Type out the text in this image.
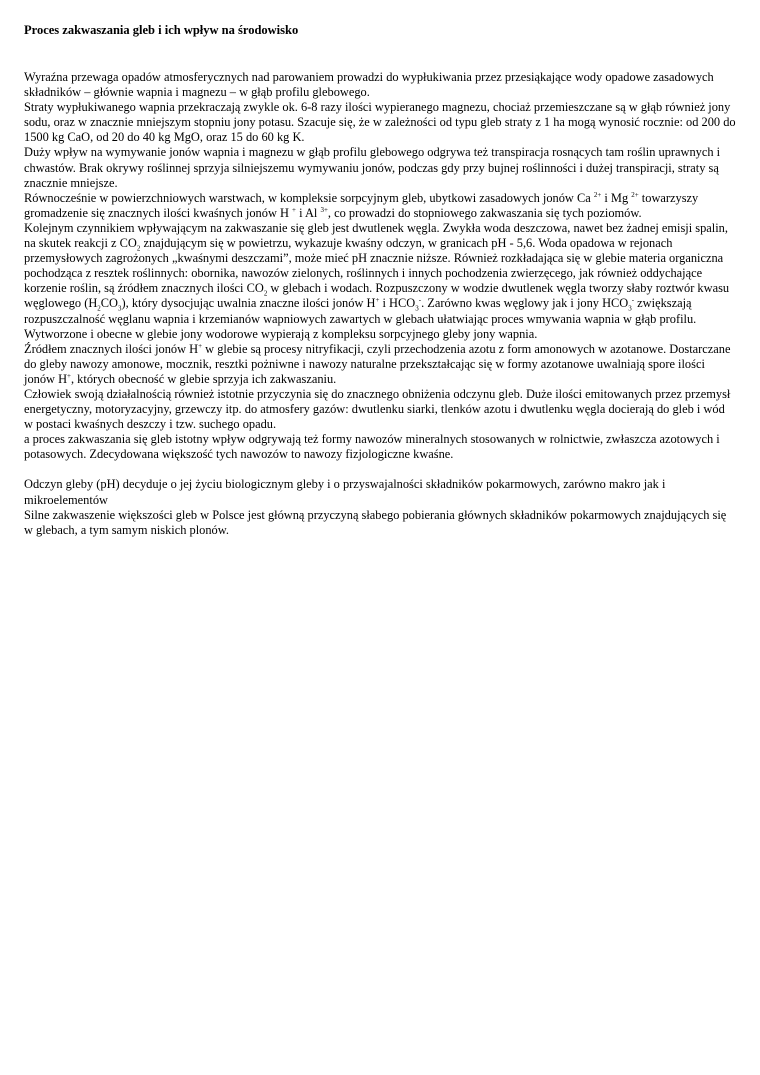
Proces zakwaszania gleb i ich wpływ na środowisko

Wyraźna przewaga opadów atmosferycznych nad parowaniem prowadzi do wypłukiwania przez przesiąkające wody opadowe zasadowych składników – głównie wapnia i magnezu – w głąb profilu glebowego.

Straty wypłukiwanego wapnia przekraczają zwykle ok. 6-8 razy ilości wypieranego magnezu, chociaż przemieszczane są w głąb również jony sodu, oraz w znacznie mniejszym stopniu jony potasu. Szacuje się, że w zależności od typu gleb straty z 1 ha mogą wynosić rocznie: od 200 do 1500 kg CaO, od 20 do 40 kg MgO, oraz 15 do 60 kg K.

Duży wpływ na wymywanie jonów wapnia i magnezu w głąb profilu glebowego odgrywa też transpiracja rosnących tam roślin uprawnych i chwastów. Brak okrywy roślinnej sprzyja silniejszemu wymywaniu jonów, podczas gdy przy bujnej roślinności i dużej transpiracji, straty są znacznie mniejsze.

Równocześnie w powierzchniowych warstwach, w kompleksie sorpcyjnym gleb, ubytkowi zasadowych jonów Ca $^{2+}$ i Mg $^{2+}$ towarzyszy gromadzenie się znacznych ilości kwaśnych jonów H + i Al $^{3+}$, co prowadzi do stopniowego zakwaszania się tych poziomów.

Kolejnym czynnikiem wpływającym na zakwaszanie się gleb jest dwutlenek węgla. Zwykła woda deszczowa, nawet bez żadnej emisji spalin, na skutek reakcji z $CO_2$ znajdującym się w powietrzu, wykazuje kwaśny odczyn, w granicach pH - 5,6. Woda opadowa w rejonach przemysłowych zagrożonych „kwaśnymi deszczami”, może mieć pH znacznie niższe. Również rozkładająca się w glebie materia organiczna pochodząca z resztek roślinnych: obornika, nawozów zielonych, roślinnych i innych pochodzenia zwierzęcego, jak również oddychające korzenie roślin, są źródłem znacznych ilości $CO_2$ w glebach i wodach. Rozpuszczony w wodzie dwutlenek węgla tworzy słaby roztwór kwasu węglowego $(H_2CO_3)$, który dysocjując uwalnia znaczne ilości jonów H+ i $HCO_3^-$. Zarówno kwas węglowy jak i jony $HCO_3^-$ zwiększają rozpuszczalność węglanu wapnia i krzemianów wapniowych zawartych w glebach ułatwiając proces wmywania wapnia w głąb profilu. Wytworzone i obecne w glebie jony wodorowe wypierają z kompleksu sorpcyjnego gleby jony wapnia.

Źródłem znacznych ilości jonów H+ w glebie są procesy nitryfikacji, czyli przechodzenia azotu z form amonowych w azotanowe. Dostarczane do gleby nawozy amonowe, mocznik, resztki pożniwne i nawozy naturalne przekształcając się w formy azotanowe uwalniają spore ilości jonów H+, których obecność w glebie sprzyja ich zakwaszaniu.

Człowiek swoją działalnością również istotnie przyczynia się do znacznego obniżenia odczynu gleb. Duże ilości emitowanych przez przemysł energetyczny, motoryzacyjny, grzewczy itp. do atmosfery gazów: dwutlenku siarki, tlenków azotu i dwutlenku węgla docierają do gleb i wód w postaci kwaśnych deszczy i tzw. suchego opadu.

a proces zakwaszania się gleb istotny wpływ odgrywają też formy nawozów mineralnych stosowanych w rolnictwie, zwłaszcza azotowych i potasowych. Zdecydowana większość tych nawozów to nawozy fizjologiczne kwaśne.

Odczyn gleby (pH) decyduje o jej życiu biologicznym gleby i o przyswajalności składników pokarmowych, zarówno makro jak i mikroelementów

Silne zakwaszenie większości gleb w Polsce jest główną przyczyną słabego pobierania głównych składników pokarmowych znajdujących się w glebach, a tym samym niskich plonów.
